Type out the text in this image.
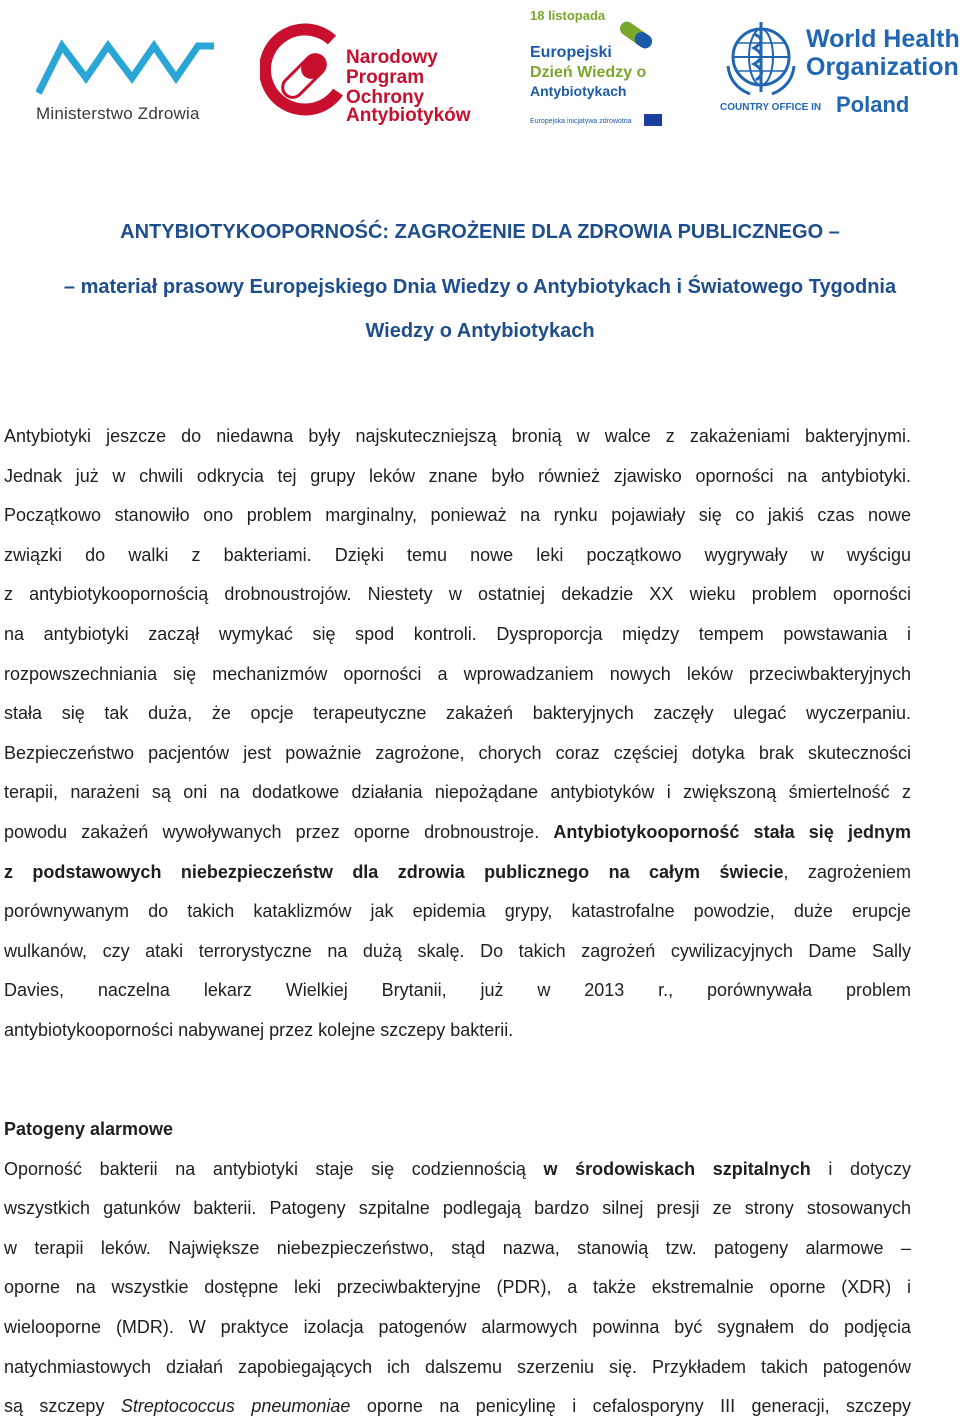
Ministerstwo Zdrowia
Narodowy
Program
Ochrony
Antybiotyków
18 listopada
Europejski
Dzień Wiedzy o
Antybiotykach
Europejska inicjatywa zdrowotna
World Health
Organization
COUNTRY OFFICE IN Poland
ANTYBIOTYKOOPORNOŚĆ: ZAGROŻENIE DLA ZDROWIA PUBLICZNEGO –
– materiał prasowy Europejskiego Dnia Wiedzy o Antybiotykach i Światowego Tygodnia
Wiedzy o Antybiotykach
Antybiotyki jeszcze do niedawna były najskuteczniejszą bronią w walce z zakażeniami bakteryjnymi.
Jednak już w chwili odkrycia tej grupy leków znane było również zjawisko oporności na antybiotyki.
Początkowo stanowiło ono problem marginalny, ponieważ na rynku pojawiały się co jakiś czas nowe
związki do walki z bakteriami. Dzięki temu nowe leki początkowo wygrywały w wyścigu
z antybiotykoopornością drobnoustrojów. Niestety w ostatniej dekadzie XX wieku problem oporności
na antybiotyki zaczął wymykać się spod kontroli. Dysproporcja między tempem powstawania i
rozpowszechniania się mechanizmów oporności a wprowadzaniem nowych leków przeciwbakteryjnych
stała się tak duża, że opcje terapeutyczne zakażeń bakteryjnych zaczęły ulegać wyczerpaniu.
Bezpieczeństwo pacjentów jest poważnie zagrożone, chorych coraz częściej dotyka brak skuteczności
terapii, narażeni są oni na dodatkowe działania niepożądane antybiotyków i zwiększoną śmiertelność z
powodu zakażeń wywoływanych przez oporne drobnoustroje. Antybiotykooporność stała się jednym
z podstawowych niebezpieczeństw dla zdrowia publicznego na całym świecie, zagrożeniem
porównywanym do takich kataklizmów jak epidemia grypy, katastrofalne powodzie, duże erupcje
wulkanów, czy ataki terrorystyczne na dużą skalę. Do takich zagrożeń cywilizacyjnych Dame Sally
Davies, naczelna lekarz Wielkiej Brytanii, już w 2013 r., porównywała problem
antybiotykooporności nabywanej przez kolejne szczepy bakterii.
Patogeny alarmowe
Oporność bakterii na antybiotyki staje się codziennością w środowiskach szpitalnych i dotyczy
wszystkich gatunków bakterii. Patogeny szpitalne podlegają bardzo silnej presji ze strony stosowanych
w terapii leków. Największe niebezpieczeństwo, stąd nazwa, stanowią tzw. patogeny alarmowe –
oporne na wszystkie dostępne leki przeciwbakteryjne (PDR), a także ekstremalnie oporne (XDR) i
wielooporne (MDR). W praktyce izolacja patogenów alarmowych powinna być sygnałem do podjęcia
natychmiastowych działań zapobiegających ich dalszemu szerzeniu się. Przykładem takich patogenów
są szczepy Streptococcus pneumoniae oporne na penicylinę i cefalosporyny III generacji, szczepy
